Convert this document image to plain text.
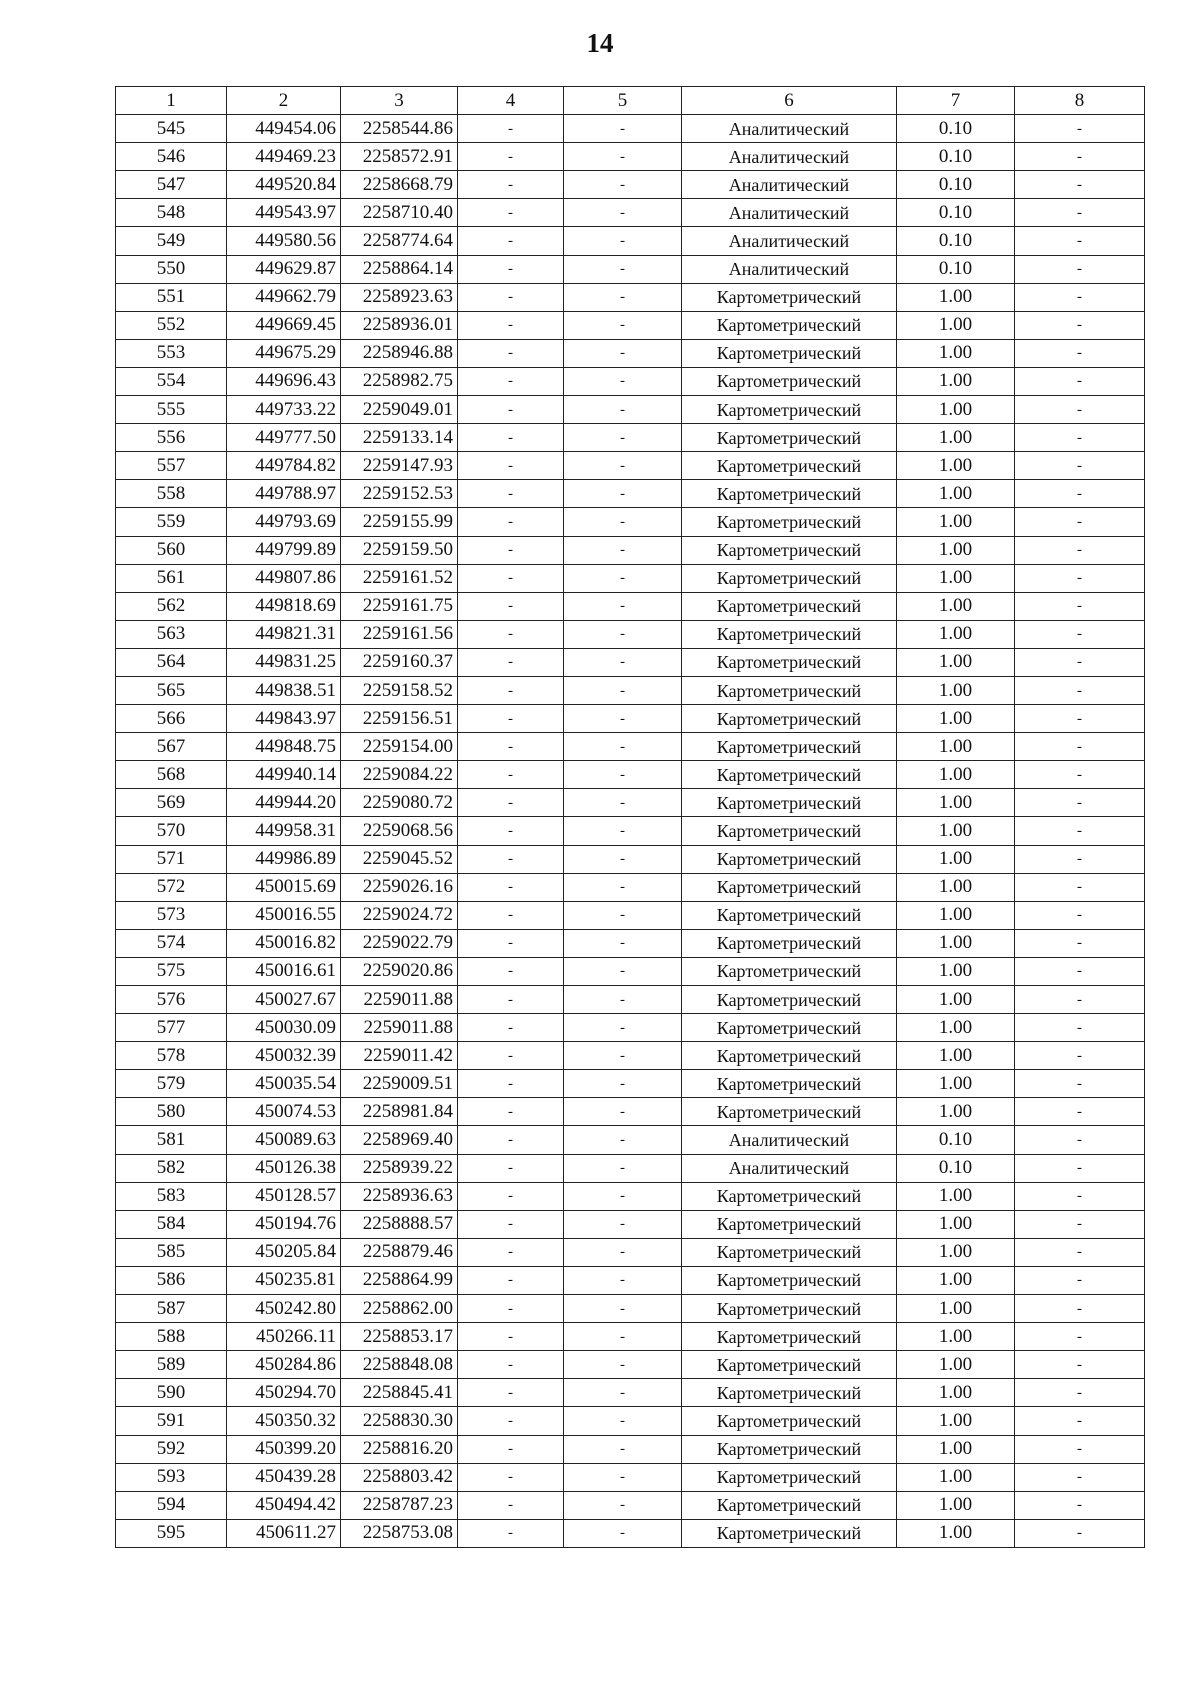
14
1	2	3	4	5	6	7	8
545	449454.06	2258544.86	-	-	Аналитический	0.10	-
546	449469.23	2258572.91	-	-	Аналитический	0.10	-
547	449520.84	2258668.79	-	-	Аналитический	0.10	-
548	449543.97	2258710.40	-	-	Аналитический	0.10	-
549	449580.56	2258774.64	-	-	Аналитический	0.10	-
550	449629.87	2258864.14	-	-	Аналитический	0.10	-
551	449662.79	2258923.63	-	-	Картометрический	1.00	-
552	449669.45	2258936.01	-	-	Картометрический	1.00	-
553	449675.29	2258946.88	-	-	Картометрический	1.00	-
554	449696.43	2258982.75	-	-	Картометрический	1.00	-
555	449733.22	2259049.01	-	-	Картометрический	1.00	-
556	449777.50	2259133.14	-	-	Картометрический	1.00	-
557	449784.82	2259147.93	-	-	Картометрический	1.00	-
558	449788.97	2259152.53	-	-	Картометрический	1.00	-
559	449793.69	2259155.99	-	-	Картометрический	1.00	-
560	449799.89	2259159.50	-	-	Картометрический	1.00	-
561	449807.86	2259161.52	-	-	Картометрический	1.00	-
562	449818.69	2259161.75	-	-	Картометрический	1.00	-
563	449821.31	2259161.56	-	-	Картометрический	1.00	-
564	449831.25	2259160.37	-	-	Картометрический	1.00	-
565	449838.51	2259158.52	-	-	Картометрический	1.00	-
566	449843.97	2259156.51	-	-	Картометрический	1.00	-
567	449848.75	2259154.00	-	-	Картометрический	1.00	-
568	449940.14	2259084.22	-	-	Картометрический	1.00	-
569	449944.20	2259080.72	-	-	Картометрический	1.00	-
570	449958.31	2259068.56	-	-	Картометрический	1.00	-
571	449986.89	2259045.52	-	-	Картометрический	1.00	-
572	450015.69	2259026.16	-	-	Картометрический	1.00	-
573	450016.55	2259024.72	-	-	Картометрический	1.00	-
574	450016.82	2259022.79	-	-	Картометрический	1.00	-
575	450016.61	2259020.86	-	-	Картометрический	1.00	-
576	450027.67	2259011.88	-	-	Картометрический	1.00	-
577	450030.09	2259011.88	-	-	Картометрический	1.00	-
578	450032.39	2259011.42	-	-	Картометрический	1.00	-
579	450035.54	2259009.51	-	-	Картометрический	1.00	-
580	450074.53	2258981.84	-	-	Картометрический	1.00	-
581	450089.63	2258969.40	-	-	Аналитический	0.10	-
582	450126.38	2258939.22	-	-	Аналитический	0.10	-
583	450128.57	2258936.63	-	-	Картометрический	1.00	-
584	450194.76	2258888.57	-	-	Картометрический	1.00	-
585	450205.84	2258879.46	-	-	Картометрический	1.00	-
586	450235.81	2258864.99	-	-	Картометрический	1.00	-
587	450242.80	2258862.00	-	-	Картометрический	1.00	-
588	450266.11	2258853.17	-	-	Картометрический	1.00	-
589	450284.86	2258848.08	-	-	Картометрический	1.00	-
590	450294.70	2258845.41	-	-	Картометрический	1.00	-
591	450350.32	2258830.30	-	-	Картометрический	1.00	-
592	450399.20	2258816.20	-	-	Картометрический	1.00	-
593	450439.28	2258803.42	-	-	Картометрический	1.00	-
594	450494.42	2258787.23	-	-	Картометрический	1.00	-
595	450611.27	2258753.08	-	-	Картометрический	1.00	-
